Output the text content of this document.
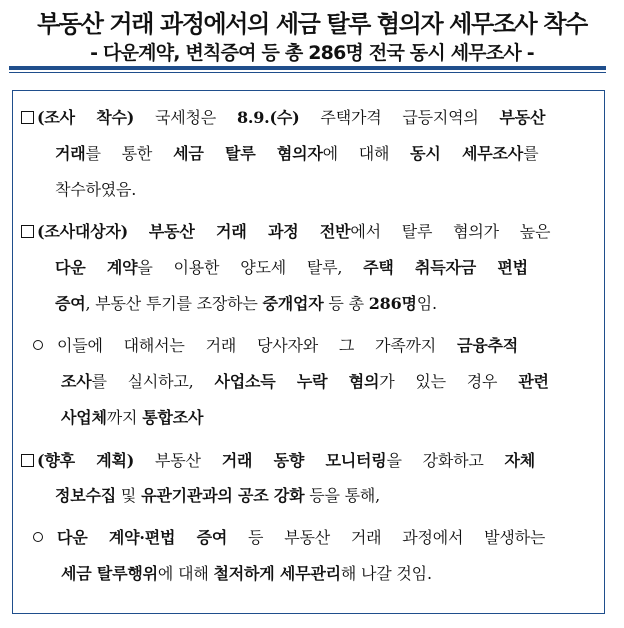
부동산 거래 과정에서의 세금 탈루 혐의자 세무조사 착수
- 다운계약, 변칙증여 등 총 286명 전국 동시 세무조사 -
(조사 착수) 국세청은 8.9.(수) 주택가격 급등지역의 부동산
거래를 통한 세금 탈루 혐의자에 대해 동시 세무조사를
착수하였음.
(조사대상자) 부동산 거래 과정 전반에서 탈루 혐의가 높은
다운 계약을 이용한 양도세 탈루, 주택 취득자금 편법
증여, 부동산 투기를 조장하는 중개업자 등 총 286명임.
이들에 대해서는 거래 당사자와 그 가족까지 금융추적
조사를 실시하고, 사업소득 누락 혐의가 있는 경우 관련
사업체까지 통합조사
(향후 계획) 부동산 거래 동향 모니터링을 강화하고 자체
정보수집 및 유관기관과의 공조 강화 등을 통해,
다운 계약·편법 증여 등 부동산 거래 과정에서 발생하는
세금 탈루행위에 대해 철저하게 세무관리해 나갈 것임.
